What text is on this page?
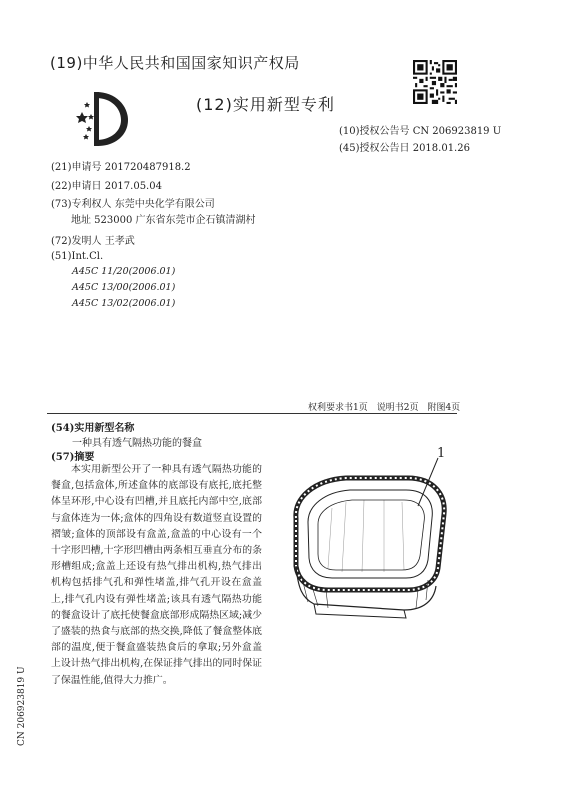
(19)中华人民共和国国家知识产权局
(12)实用新型专利
(10)授权公告号 CN 206923819 U
(45)授权公告日 2018.01.26
(21)申请号 201720487918.2
(22)申请日 2017.05.04
(73)专利权人 东莞中央化学有限公司
地址 523000 广东省东莞市企石镇清湖村
(72)发明人 王孝武
(51)Int.Cl.
A45C 11/20(2006.01)
A45C 13/00(2006.01)
A45C 13/02(2006.01)
权利要求书1页　说明书2页　附图4页
(54)实用新型名称
一种具有透气隔热功能的餐盒
(57)摘要

本实用新型公开了一种具有透气隔热功能的餐盒,包括盒体,所述盒体的底部设有底托,底托整体呈环形,中心设有凹槽,并且底托内部中空,底部与盒体连为一体;盒体的四角设有数道竖直设置的褶皱;盒体的顶部设有盒盖,盒盖的中心设有一个十字形凹槽,十字形凹槽由两条相互垂直分布的条形槽组成;盒盖上还设有热气排出机构,热气排出机构包括排气孔和弹性堵盖,排气孔开设在盒盖上,排气孔内设有弹性堵盖;该具有透气隔热功能的餐盒设计了底托使餐盒底部形成隔热区域;减少了盛装的热食与底部的热交换,降低了餐盒整体底部的温度,便于餐盒盛装热食后的拿取;另外盒盖上设计热气排出机构,在保证排气排出的同时保证了保温性能,值得大力推广。

CN 206923819 U
1
